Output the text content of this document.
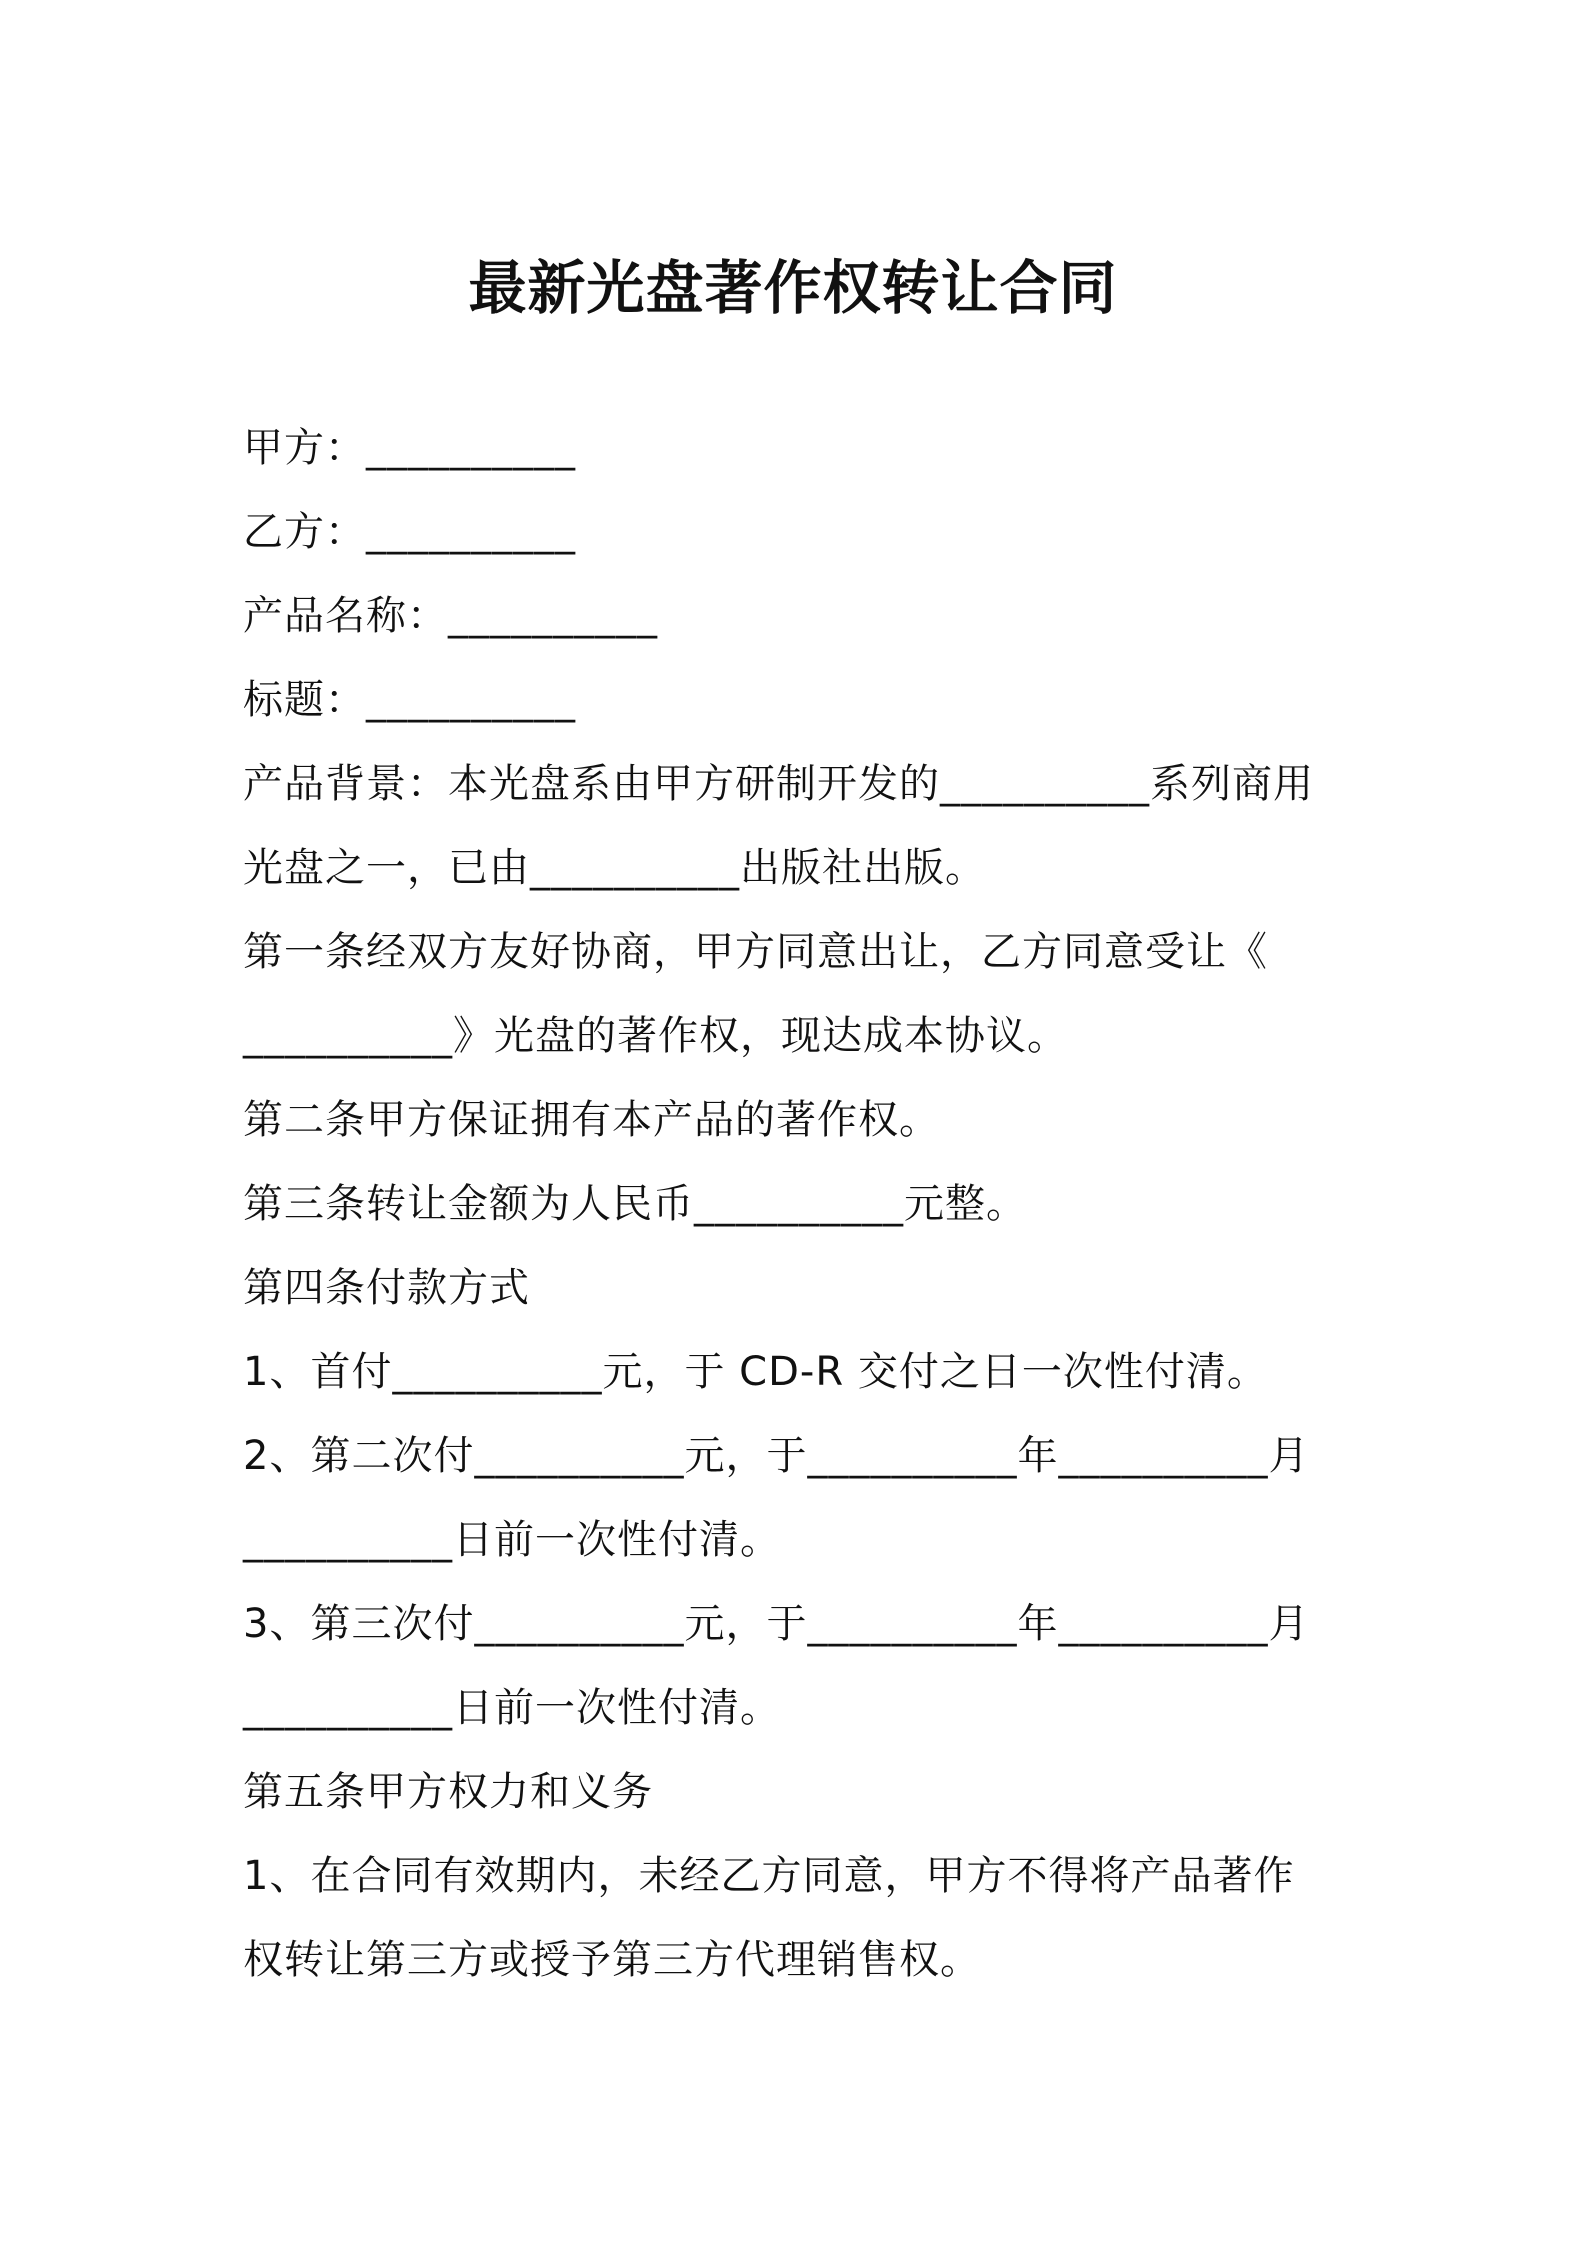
最新光盘著作权转让合同
甲方：__________
乙方：__________
产品名称：__________
标题：__________
产品背景：本光盘系由甲方研制开发的__________系列商用
光盘之一，已由__________出版社出版。
第一条经双方友好协商，甲方同意出让，乙方同意受让《
__________》光盘的著作权，现达成本协议。
第二条甲方保证拥有本产品的著作权。
第三条转让金额为人民币__________元整。
第四条付款方式
1、首付__________元，于 CD-R 交付之日一次性付清。
2、第二次付__________元，于__________年__________月
__________日前一次性付清。
3、第三次付__________元，于__________年__________月
__________日前一次性付清。
第五条甲方权力和义务
1、在合同有效期内，未经乙方同意，甲方不得将产品著作
权转让第三方或授予第三方代理销售权。
